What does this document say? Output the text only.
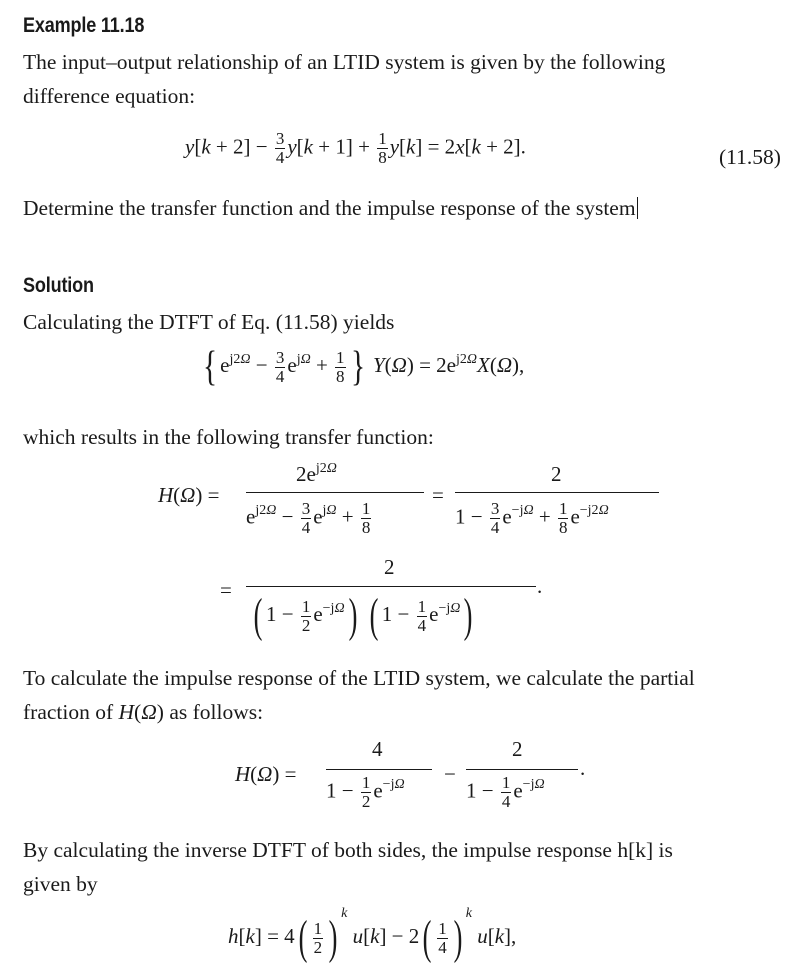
Example 11.18
The input–output relationship of an LTID system is given by the following
difference equation:
$y[k + 2] - \frac{3}{4} y[k + 1] + \frac{1}{8} y[k] = 2x[k + 2]$.	(11.58)
Determine the transfer function and the impulse response of the system
Solution
Calculating the DTFT of Eq. (11.58) yields
{ $e^{j2\Omega} - \frac{3}{4} e^{j\Omega} + \frac{1}{8}$ } $Y(\Omega) = 2e^{j2\Omega}X(\Omega)$,
which results in the following transfer function:
H(Ω) =
$2e^{j2\Omega}$
$e^{j2\Omega} - \frac{3}{4} e^{j\Omega} + \frac{1}{8}$
=
2
$1 - \frac{3}{4} e^{-j\Omega} + \frac{1}{8} e^{-j2\Omega}$
=
2
( $1 - \frac{1}{2} e^{-j\Omega}$) ( $1 - \frac{1}{4} e^{-j\Omega}$)
.
To calculate the impulse response of the LTID system, we calculate the partial
fraction of H(Ω) as follows:
H(Ω) =
4
$1 - \frac{1}{2} e^{-j\Omega}$ −
2
$1 - \frac{1}{4} e^{-j\Omega}$
.
By calculating the inverse DTFT of both sides, the impulse response h[k] is
given by
$h[k] = 4( \frac{1}{2}$ ) $^k$ $u[k] - 2( \frac{1}{4}$ ) $^k$ u[k],
